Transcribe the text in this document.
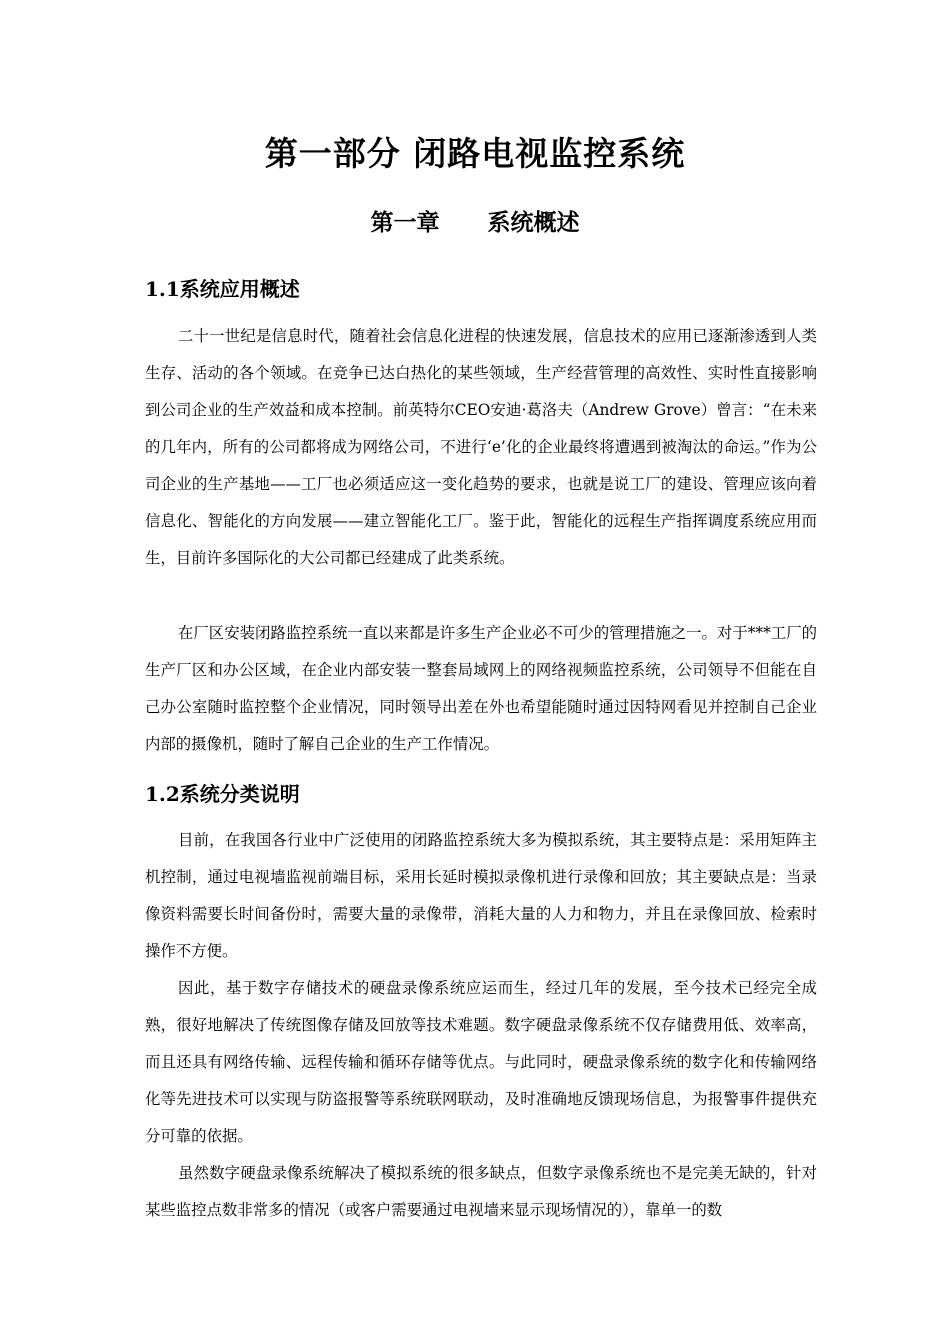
第一部分 闭路电视监控系统
第一章      系统概述
1.1系统应用概述
二十一世纪是信息时代，随着社会信息化进程的快速发展，信息技术的应用已逐渐渗透到人类生存、活动的各个领域。在竞争已达白热化的某些领域，生产经营管理的高效性、实时性直接影响到公司企业的生产效益和成本控制。前英特尔CEO安迪·葛洛夫（Andrew Grove）曾言：“在未来的几年内，所有的公司都将成为网络公司，不进行‘e’化的企业最终将遭遇到被淘汰的命运。”作为公司企业的生产基地——工厂也必须适应这一变化趋势的要求，也就是说工厂的建设、管理应该向着信息化、智能化的方向发展——建立智能化工厂。鉴于此，智能化的远程生产指挥调度系统应用而生，目前许多国际化的大公司都已经建成了此类系统。
在厂区安装闭路监控系统一直以来都是许多生产企业必不可少的管理措施之一。对于***工厂的生产厂区和办公区域，在企业内部安装一整套局域网上的网络视频监控系统，公司领导不但能在自己办公室随时监控整个企业情况，同时领导出差在外也希望能随时通过因特网看见并控制自己企业内部的摄像机，随时了解自己企业的生产工作情况。
1.2系统分类说明
目前，在我国各行业中广泛使用的闭路监控系统大多为模拟系统，其主要特点是：采用矩阵主机控制，通过电视墙监视前端目标，采用长延时模拟录像机进行录像和回放；其主要缺点是：当录像资料需要长时间备份时，需要大量的录像带，消耗大量的人力和物力，并且在录像回放、检索时操作不方便。
因此，基于数字存储技术的硬盘录像系统应运而生，经过几年的发展，至今技术已经完全成熟，很好地解决了传统图像存储及回放等技术难题。数字硬盘录像系统不仅存储费用低、效率高，而且还具有网络传输、远程传输和循环存储等优点。与此同时，硬盘录像系统的数字化和传输网络化等先进技术可以实现与防盗报警等系统联网联动，及时准确地反馈现场信息，为报警事件提供充分可靠的依据。
虽然数字硬盘录像系统解决了模拟系统的很多缺点，但数字录像系统也不是完美无缺的，针对某些监控点数非常多的情况（或客户需要通过电视墙来显示现场情况的），靠单一的数
